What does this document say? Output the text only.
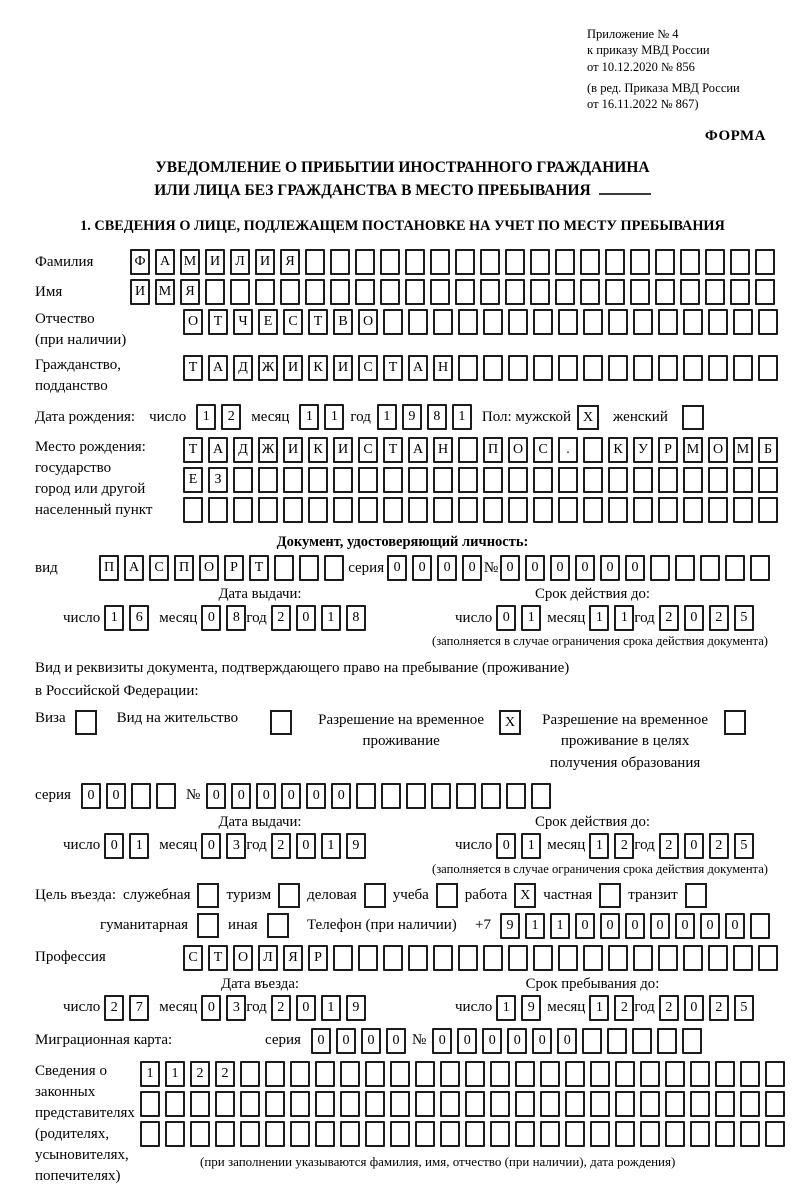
Приложение № 4
к приказу МВД России
от 10.12.2020 № 856
(в ред. Приказа МВД России
от 16.11.2022 № 867)
ФОРМА
УВЕДОМЛЕНИЕ О ПРИБЫТИИ ИНОСТРАННОГО ГРАЖДАНИНА
ИЛИ ЛИЦА БЕЗ ГРАЖДАНСТВА В МЕСТО ПРЕБЫВАНИЯ
1. СВЕДЕНИЯ О ЛИЦЕ, ПОДЛЕЖАЩЕМ ПОСТАНОВКЕ НА УЧЕТ ПО МЕСТУ ПРЕБЫВАНИЯ
Фамилия	Ф	А М И	Л	И	Я
Имя	И М	Я
Отчество
(при наличии)
О	Т	Ч	Е	С	Т	В	О
Гражданство,
подданство
Т	А	Д Ж И	К	И	С	Т	А	Н
Дата рождения: число	1	2	месяц	1	1 год 1	9	8	1	Пол: мужской X	женский
Место рождения:
государство
город или другой
населенный пункт
Т	А	Д Ж И	К	И	С	Т	А	Н	П	О	С	.	К	У	Р	М О М	Б
Е	З
Документ, удостоверяющий личность:
вид	П	А	С	П	О	Р	Т	серия 0	0	0	0 № 0	0	0	0	0	0
Дата выдачи:	Срок действия до:
число 1	6	месяц 0	8 год 2	0	1	8	число 0	1 месяц 1	1 год 2	0	2	5
(заполняется в случае ограничения срока действия документа)
Вид и реквизиты документа, подтверждающего право на пребывание (проживание)
в Российской Федерации:
Виза	Вид на жительство	Разрешение на временное проживание
X	Разрешение на временное проживание в целях получения образования
серия	0	0	№ 0	0	0	0	0	0
Дата выдачи:	Срок действия до:
число 0	1	месяц 0	3 год 2	0	1	9	число 0	1 месяц 1	2 год 2	0	2	5
(заполняется в случае ограничения срока действия документа)
Цель въезда: служебная туризм деловая учеба работа X частная транзит
гуманитарная	иная	Телефон (при наличии) +7	9	1	1	0	0	0	0	0	0	0
Профессия	С	Т	О	Л	Я	Р
Дата въезда:	Срок пребывания до:
число 2	7	месяц 0	3 год 2	0	1	9	число 1	9 месяц 1	2 год 2	0	2	5
Миграционная карта:	серия	0	0	0	0 № 0	0	0	0	0	0
Сведения о
законных
представителях
(родителях,
усыновителях,
попечителях)
1	1	2	2
(при заполнении указываются фамилия, имя, отчество (при наличии), дата рождения)
